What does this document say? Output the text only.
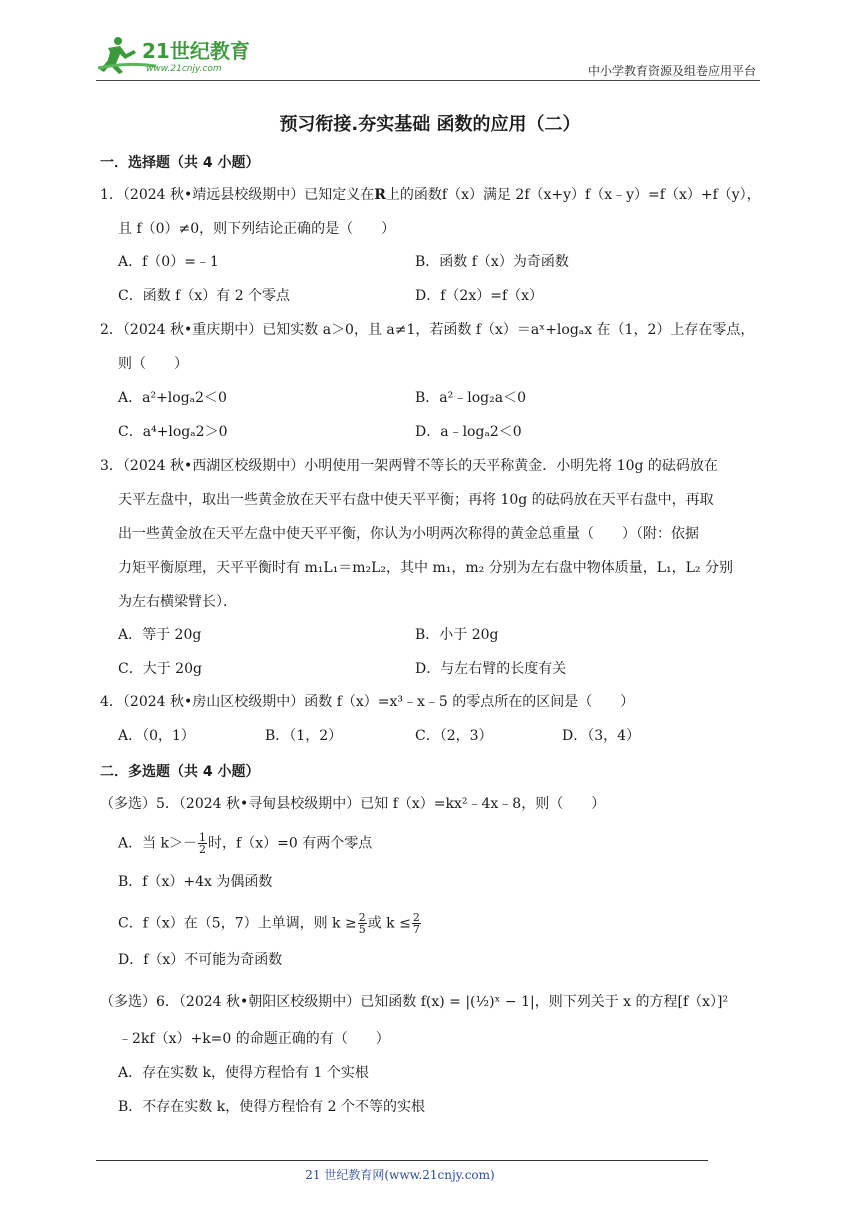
21世纪教育
www.21cnjy.com	中小学教育资源及组卷应用平台
预习衔接.夯实基础 函数的应用（二）
一．选择题（共 4 小题）
1．（2024 秋•靖远县校级期中）已知定义在R上的函数f（x）满足 2f（x+y）f（x﹣y）=f（x）+f（y），
且 f（0）≠0，则下列结论正确的是（　　）
A．f（0）=﹣1	B．函数 f（x）为奇函数
C．函数 f（x）有 2 个零点	D．f（2x）=f（x）
2．（2024 秋•重庆期中）已知实数 a＞0，且 a≠1，若函数 f（x）＝aˣ+logₐx 在（1，2）上存在零点，
则（　　）
A．a²+logₐ2＜0	B．a²﹣log₂a＜0
C．a⁴+logₐ2＞0	D．a﹣logₐ2＜0
3．（2024 秋•西湖区校级期中）小明使用一架两臂不等长的天平称黄金．小明先将 10g 的砝码放在
天平左盘中，取出一些黄金放在天平右盘中使天平平衡；再将 10g 的砝码放在天平右盘中，再取
出一些黄金放在天平左盘中使天平平衡，你认为小明两次称得的黄金总重量（　　）（附：依据
力矩平衡原理，天平平衡时有 m₁L₁＝m₂L₂，其中 m₁，m₂ 分别为左右盘中物体质量，L₁，L₂ 分别
为左右横梁臂长）．
A．等于 20g	B．小于 20g
C．大于 20g	D．与左右臂的长度有关
4．（2024 秋•房山区校级期中）函数 f（x）=x³﹣x﹣5 的零点所在的区间是（　　）
A．（0，1）	B．（1，2）	C．（2，3）	D．（3，4）
二．多选题（共 4 小题）
（多选）5．（2024 秋•寻甸县校级期中）已知 f（x）=kx²﹣4x﹣8，则（　　）
A．当 $k>- \frac{1}{2}$ 时，f（x）=0 有两个零点
B．f（x）+4x 为偶函数
C．f（x）在（5，7）上单调，则 $k \ge \frac{2}{5}$ 或 $k \le \frac{2}{7}$
D．f（x）不可能为奇函数
（多选）6．（2024 秋•朝阳区校级期中）已知函数 f(x) = |(½)ˣ − 1|，则下列关于 x 的方程[f（x）]²
﹣2kf（x）+k=0 的命题正确的有（　　）
A．存在实数 k，使得方程恰有 1 个实根
B．不存在实数 k，使得方程恰有 2 个不等的实根
21 世纪教育网(www.21cnjy.com)
